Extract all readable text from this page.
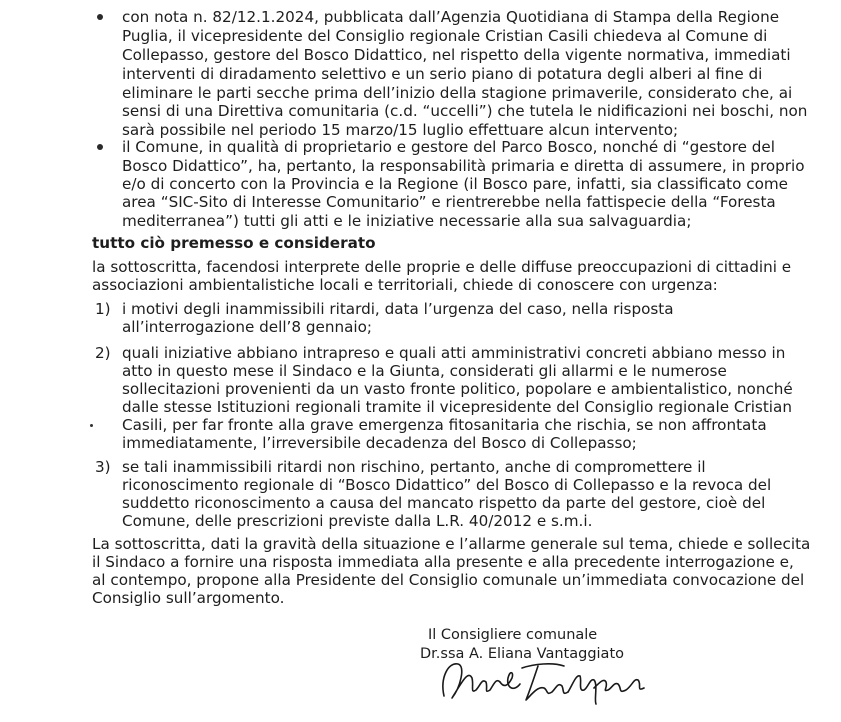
con nota n. 82/12.1.2024, pubblicata dall’Agenzia Quotidiana di Stampa della Regione
Puglia, il vicepresidente del Consiglio regionale Cristian Casili chiedeva al Comune di
Collepasso, gestore del Bosco Didattico, nel rispetto della vigente normativa, immediati
interventi di diradamento selettivo e un serio piano di potatura degli alberi al fine di
eliminare le parti secche prima dell’inizio della stagione primaverile, considerato che, ai
sensi di una Direttiva comunitaria (c.d. “uccelli”) che tutela le nidificazioni nei boschi, non
sarà possibile nel periodo 15 marzo/15 luglio effettuare alcun intervento;
il Comune, in qualità di proprietario e gestore del Parco Bosco, nonché di “gestore del
Bosco Didattico”, ha, pertanto, la responsabilità primaria e diretta di assumere, in proprio
e/o di concerto con la Provincia e la Regione (il Bosco pare, infatti, sia classificato come
area “SIC-Sito di Interesse Comunitario” e rientrerebbe nella fattispecie della “Foresta
mediterranea”) tutti gli atti e le iniziative necessarie alla sua salvaguardia;
tutto ciò premesso e considerato
la sottoscritta, facendosi interprete delle proprie e delle diffuse preoccupazioni di cittadini e
associazioni ambientalistiche locali e territoriali, chiede di conoscere con urgenza:
1) i motivi degli inammissibili ritardi, data l’urgenza del caso, nella risposta
all’interrogazione dell’8 gennaio;
2) quali iniziative abbiano intrapreso e quali atti amministrativi concreti abbiano messo in
atto in questo mese il Sindaco e la Giunta, considerati gli allarmi e le numerose
sollecitazioni provenienti da un vasto fronte politico, popolare e ambientalistico, nonché
dalle stesse Istituzioni regionali tramite il vicepresidente del Consiglio regionale Cristian
Casili, per far fronte alla grave emergenza fitosanitaria che rischia, se non affrontata
immediatamente, l’irreversibile decadenza del Bosco di Collepasso;
3) se tali inammissibili ritardi non rischino, pertanto, anche di compromettere il
riconoscimento regionale di “Bosco Didattico” del Bosco di Collepasso e la revoca del
suddetto riconoscimento a causa del mancato rispetto da parte del gestore, cioè del
Comune, delle prescrizioni previste dalla L.R. 40/2012 e s.m.i.
La sottoscritta, dati la gravità della situazione e l’allarme generale sul tema, chiede e sollecita
il Sindaco a fornire una risposta immediata alla presente e alla precedente interrogazione e,
al contempo, propone alla Presidente del Consiglio comunale un’immediata convocazione del
Consiglio sull’argomento.
Il Consigliere comunale
Dr.ssa A. Eliana Vantaggiato
